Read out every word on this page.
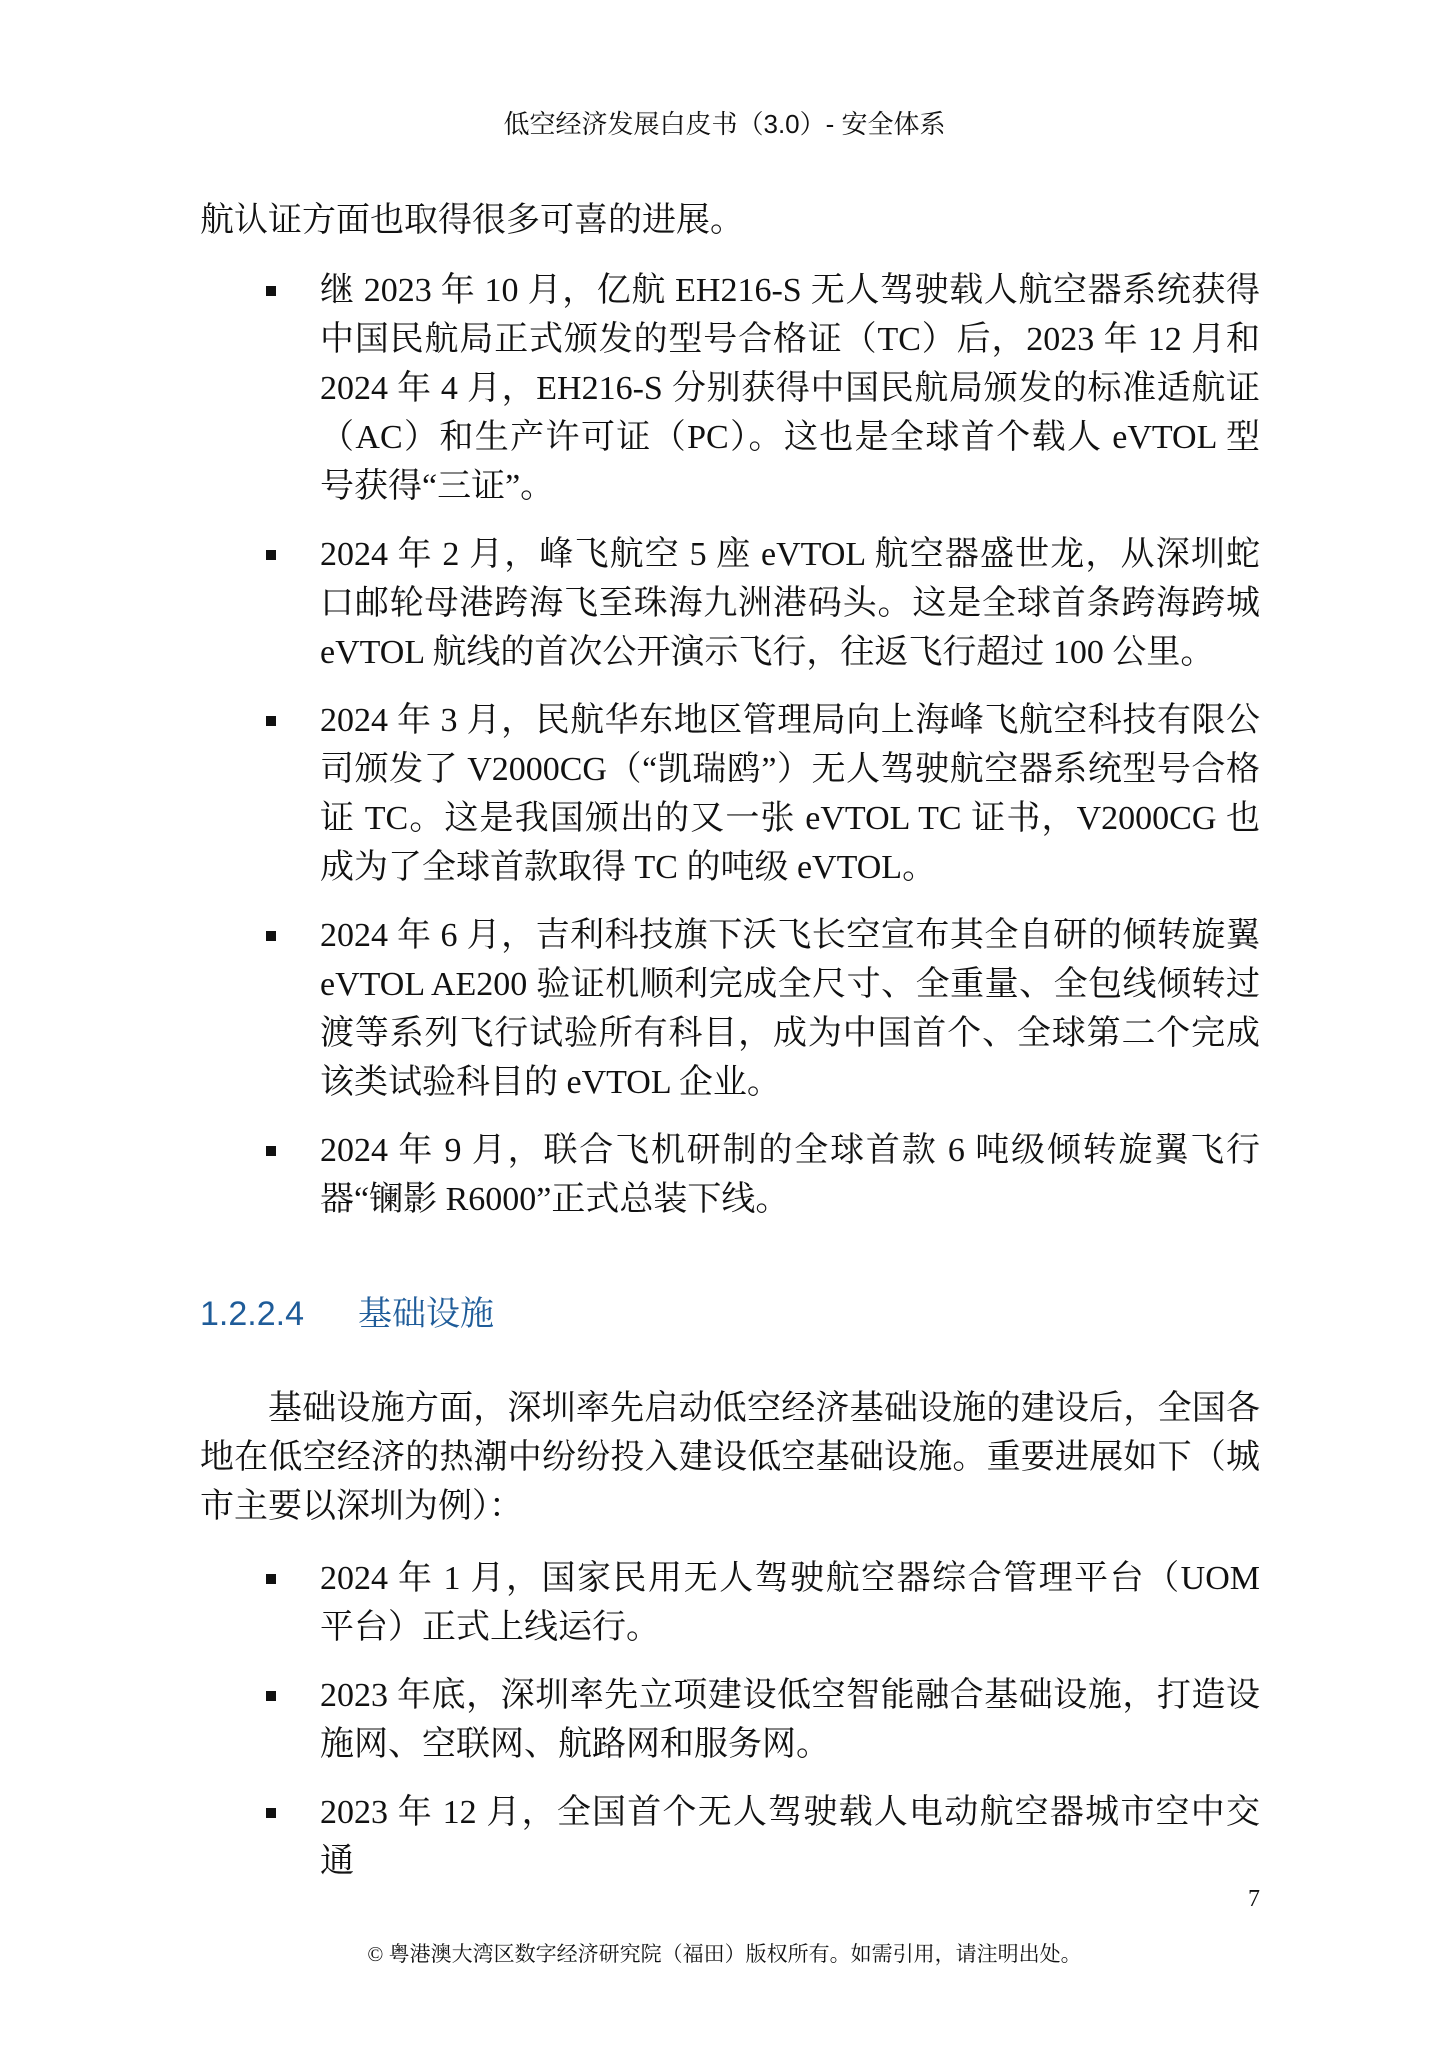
低空经济发展白皮书（3.0）- 安全体系

航认证方面也取得很多可喜的进展。

继 2023 年 10 月，亿航 EH216-S 无人驾驶载人航空器系统获得中国民航局正式颁发的型号合格证（TC）后，2023 年 12 月和 2024 年 4 月，EH216-S 分别获得中国民航局颁发的标准适航证（AC）和生产许可证（PC）。这也是全球首个载人 eVTOL 型号获得“三证”。
2024 年 2 月，峰飞航空 5 座 eVTOL 航空器盛世龙，从深圳蛇口邮轮母港跨海飞至珠海九洲港码头。这是全球首条跨海跨城 eVTOL 航线的首次公开演示飞行，往返飞行超过 100 公里。
2024 年 3 月，民航华东地区管理局向上海峰飞航空科技有限公司颁发了 V2000CG（“凯瑞鸥”）无人驾驶航空器系统型号合格证 TC。这是我国颁出的又一张 eVTOL TC 证书，V2000CG 也成为了全球首款取得 TC 的吨级 eVTOL。
2024 年 6 月，吉利科技旗下沃飞长空宣布其全自研的倾转旋翼 eVTOL AE200 验证机顺利完成全尺寸、全重量、全包线倾转过渡等系列飞行试验所有科目，成为中国首个、全球第二个完成该类试验科目的 eVTOL 企业。
2024 年 9 月，联合飞机研制的全球首款 6 吨级倾转旋翼飞行器“镧影 R6000”正式总装下线。
1.2.2.4 基础设施

基础设施方面，深圳率先启动低空经济基础设施的建设后，全国各地在低空经济的热潮中纷纷投入建设低空基础设施。重要进展如下（城市主要以深圳为例）：

2024 年 1 月，国家民用无人驾驶航空器综合管理平台（UOM 平台）正式上线运行。
2023 年底，深圳率先立项建设低空智能融合基础设施，打造设施网、空联网、航路网和服务网。
2023 年 12 月，全国首个无人驾驶载人电动航空器城市空中交通
7
© 粤港澳大湾区数字经济研究院（福田）版权所有。如需引用，请注明出处。
